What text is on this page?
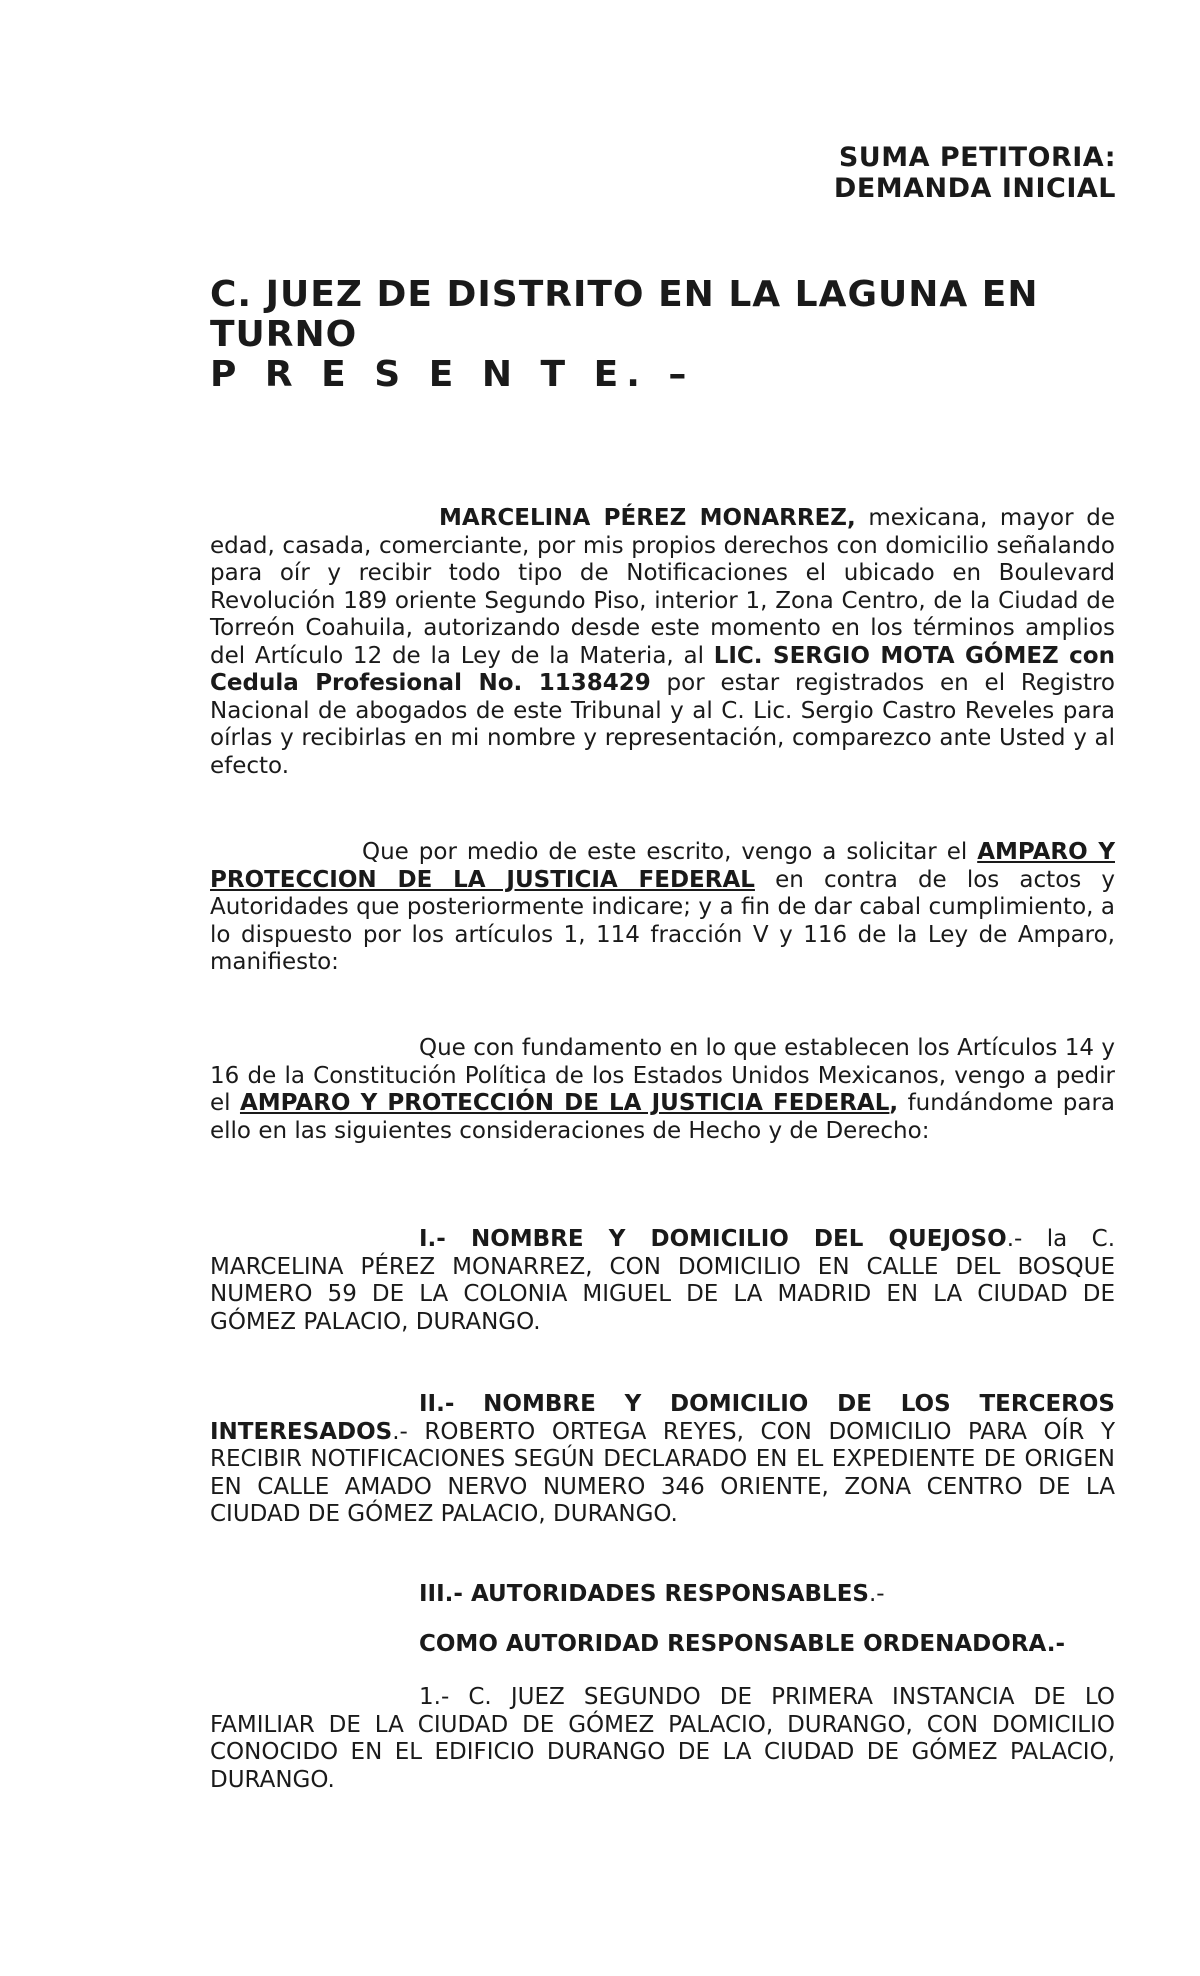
SUMA PETITORIA:
DEMANDA INICIAL
C. JUEZ DE DISTRITO EN LA LAGUNA EN
TURNO
P R E S E N T E. –
MARCELINA PÉREZ MONARREZ, mexicana, mayor de edad, casada, comerciante, por mis propios derechos con domicilio señalando para oír y recibir todo tipo de Notificaciones el ubicado en Boulevard Revolución 189 oriente Segundo Piso, interior 1, Zona Centro, de la Ciudad de Torreón Coahuila, autorizando desde este momento en los términos amplios del Artículo 12 de la Ley de la Materia, al LIC. SERGIO MOTA GÓMEZ con Cedula Profesional No. 1138429 por estar registrados en el Registro Nacional de abogados de este Tribunal y al C. Lic. Sergio Castro Reveles para oírlas y recibirlas en mi nombre y representación, comparezco ante Usted y al efecto.
Que por medio de este escrito, vengo a solicitar el AMPARO Y PROTECCION DE LA JUSTICIA FEDERAL en contra de los actos y Autoridades que posteriormente indicare; y a fin de dar cabal cumplimiento, a lo dispuesto por los artículos 1, 114 fracción V y 116 de la Ley de Amparo, manifiesto:
Que con fundamento en lo que establecen los Artículos 14 y 16 de la Constitución Política de los Estados Unidos Mexicanos, vengo a pedir el AMPARO Y PROTECCIÓN DE LA JUSTICIA FEDERAL, fundándome para ello en las siguientes consideraciones de Hecho y de Derecho:
I.- NOMBRE Y DOMICILIO DEL QUEJOSO.- la C. MARCELINA PÉREZ MONARREZ, CON DOMICILIO EN CALLE DEL BOSQUE NUMERO 59 DE LA COLONIA MIGUEL DE LA MADRID EN LA CIUDAD DE GÓMEZ PALACIO, DURANGO.
II.- NOMBRE Y DOMICILIO DE LOS TERCEROS INTERESADOS.- ROBERTO ORTEGA REYES, CON DOMICILIO PARA OÍR Y RECIBIR NOTIFICACIONES SEGÚN DECLARADO EN EL EXPEDIENTE DE ORIGEN EN CALLE AMADO NERVO NUMERO 346 ORIENTE, ZONA CENTRO DE LA CIUDAD DE GÓMEZ PALACIO, DURANGO.
III.- AUTORIDADES RESPONSABLES.-
COMO AUTORIDAD RESPONSABLE ORDENADORA.-
1.- C. JUEZ SEGUNDO DE PRIMERA INSTANCIA DE LO FAMILIAR DE LA CIUDAD DE GÓMEZ PALACIO, DURANGO, CON DOMICILIO CONOCIDO EN EL EDIFICIO DURANGO DE LA CIUDAD DE GÓMEZ PALACIO, DURANGO.
